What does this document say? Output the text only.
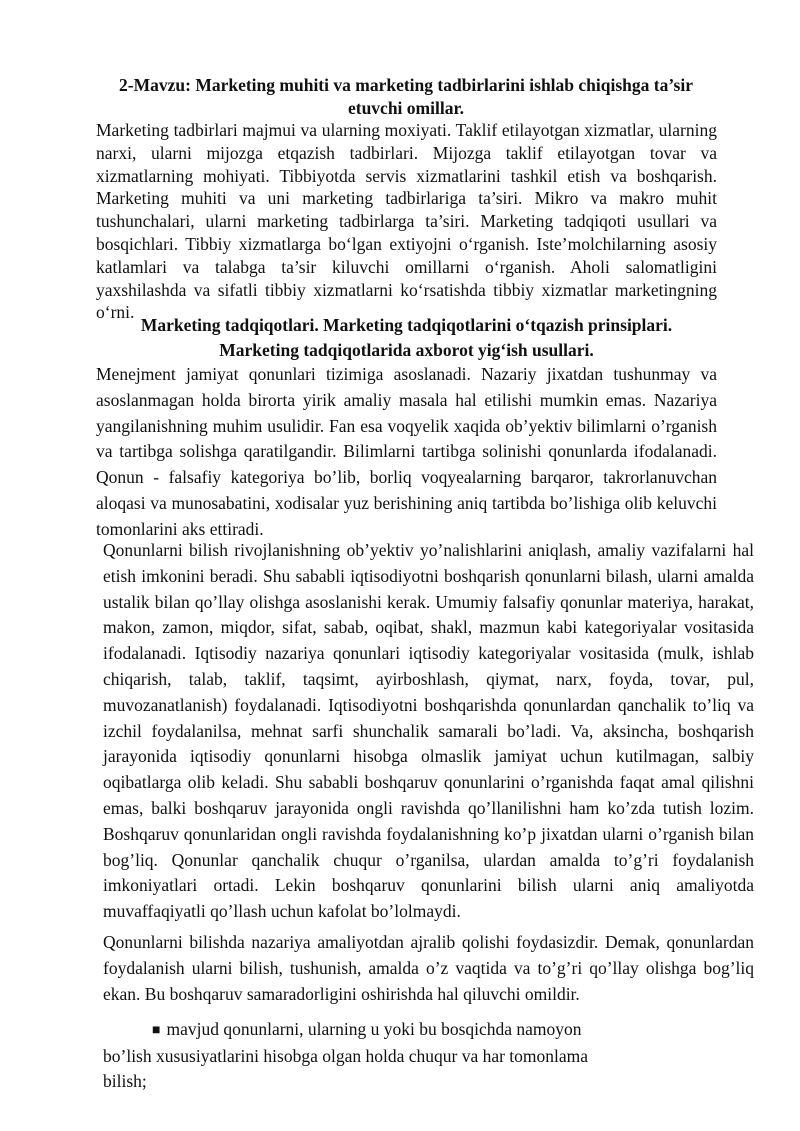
2-Mavzu: Marketing muhiti va marketing tadbirlarini ishlab chiqishga ta’sir etuvchi omillar.
Marketing tadbirlari majmui va ularning moxiyati. Taklif etilayotgan xizmatlar, ularning narxi, ularni mijozga etqazish tadbirlari. Mijozga taklif etilayotgan tovar va xizmatlarning mohiyati. Tibbiyotda servis xizmatlarini tashkil etish va boshqarish. Marketing muhiti va uni marketing tadbirlariga ta’siri. Mikro va makro muhit tushunchalari, ularni marketing tadbirlarga ta’siri. Marketing tadqiqoti usullari va bosqichlari. Tibbiy xizmatlarga bo‘lgan extiyojni o‘rganish. Iste’molchilarning asosiy katlamlari va talabga ta’sir kiluvchi omillarni o‘rganish. Aholi salomatligini yaxshilashda va sifatli tibbiy xizmatlarni ko‘rsatishda tibbiy xizmatlar marketingning o‘rni.
Marketing tadqiqotlari. Marketing tadqiqotlarini o‘tqazish prinsiplari.
Marketing tadqiqotlarida axborot yig‘ish usullari.
Menejment jamiyat qonunlari tizimiga asoslanadi. Nazariy jixatdan tushunmay va asoslanmagan holda birorta yirik amaliy masala hal etilishi mumkin emas. Nazariya yangilanishning muhim usulidir. Fan esa voqyelik xaqida ob’yektiv bilimlarni o’rganish va tartibga solishga qaratilgandir. Bilimlarni tartibga solinishi qonunlarda ifodalanadi. Qonun - falsafiy kategoriya bo’lib, borliq voqyealarning barqaror, takrorlanuvchan aloqasi va munosabatini, xodisalar yuz berishining aniq tartibda bo’lishiga olib keluvchi tomonlarini aks ettiradi.
Qonunlarni bilish rivojlanishning ob’yektiv yo’nalishlarini aniqlash, amaliy vazifalarni hal etish imkonini beradi. Shu sababli iqtisodiyotni boshqarish qonunlarni bilash, ularni amalda ustalik bilan qo’llay olishga asoslanishi kerak. Umumiy falsafiy qonunlar materiya, harakat, makon, zamon, miqdor, sifat, sabab, oqibat, shakl, mazmun kabi kategoriyalar vositasida ifodalanadi. Iqtisodiy nazariya qonunlari iqtisodiy kategoriyalar vositasida (mulk, ishlab chiqarish, talab, taklif, taqsimt, ayirboshlash, qiymat, narx, foyda, tovar, pul, muvozanatlanish) foydalanadi. Iqtisodiyotni boshqarishda qonunlardan qanchalik to’liq va izchil foydalanilsa, mehnat sarfi shunchalik samarali bo’ladi. Va, aksincha, boshqarish jarayonida iqtisodiy qonunlarni hisobga olmaslik jamiyat uchun kutilmagan, salbiy oqibatlarga olib keladi. Shu sababli boshqaruv qonunlarini o’rganishda faqat amal qilishni emas, balki boshqaruv jarayonida ongli ravishda qo’llanilishni ham ko’zda tutish lozim. Boshqaruv qonunlaridan ongli ravishda foydalanishning ko’p jixatdan ularni o’rganish bilan bog’liq. Qonunlar qanchalik chuqur o’rganilsa, ulardan amalda to’g’ri foydalanish imkoniyatlari ortadi. Lekin boshqaruv qonunlarini bilish ularni aniq amaliyotda muvaffaqiyatli qo’llash uchun kafolat bo’lolmaydi.
Qonunlarni bilishda nazariya amaliyotdan ajralib qolishi foydasizdir. Demak, qonunlardan foydalanish ularni bilish, tushunish, amalda o’z vaqtida va to’g’ri qo’llay olishga bog’liq ekan. Bu boshqaruv samaradorligini oshirishda hal qiluvchi omildir.
■ mavjud qonunlarni, ularning u yoki bu bosqichda namoyon bo’lish xususiyatlarini hisobga olgan holda chuqur va har tomonlama bilish;
